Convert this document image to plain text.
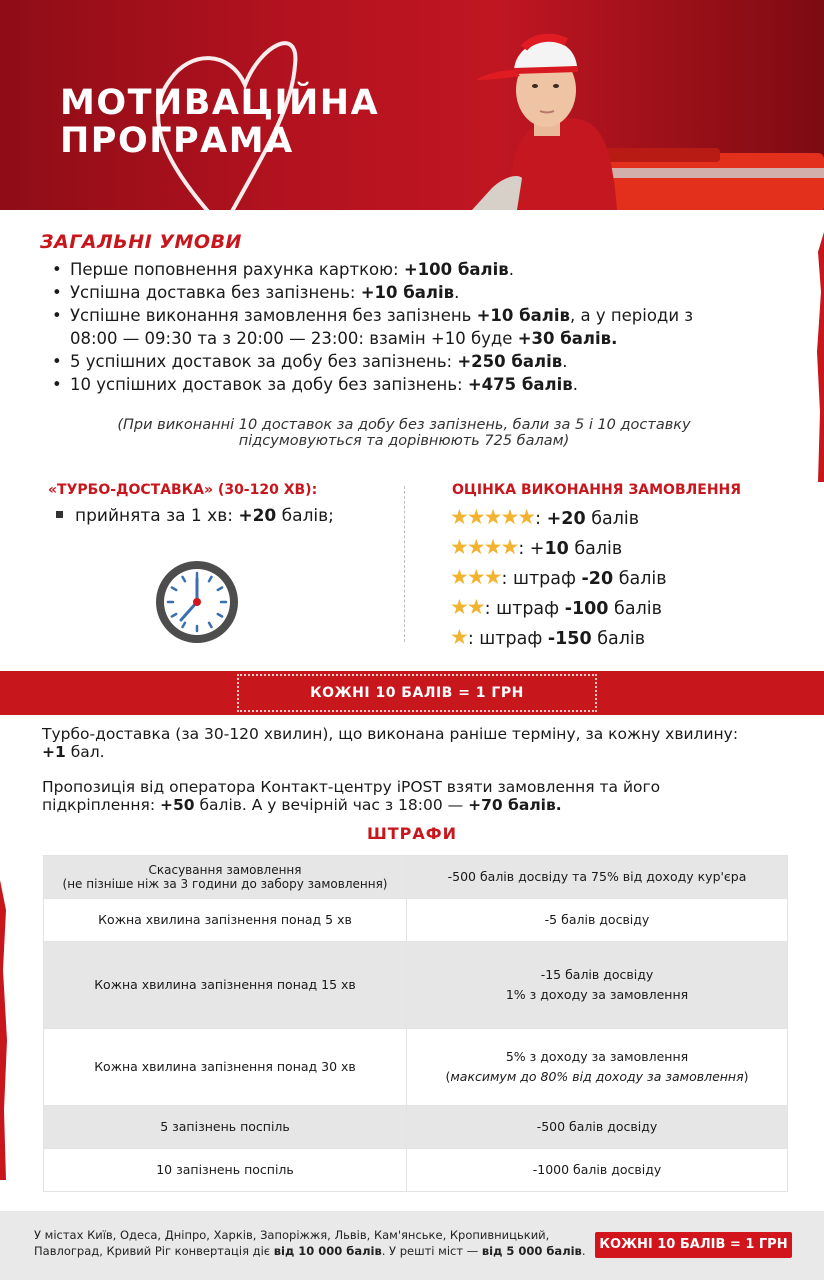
МОТИВАЦІЙНА
ПРОГРАМА
ЗАГАЛЬНІ УМОВИ
• Перше поповнення рахунка карткою: +100 балів.
• Успішна доставка без запізнень: +10 балів.
• Успішне виконання замовлення без запізнень +10 балів, а у періоди з 08:00 — 09:30 та з 20:00 — 23:00: взамін +10 буде +30 балів.
• 5 успішних доставок за добу без запізнень: +250 балів.
• 10 успішних доставок за добу без запізнень: +475 балів.
(При виконанні 10 доставок за добу без запізнень, бали за 5 і 10 доставку підсумовуються та дорівнюють 725 балам)
«ТУРБО-ДОСТАВКА» (30-120 ХВ):
прийнята за 1 хв: +20 балів;
ОЦІНКА ВИКОНАННЯ ЗАМОВЛЕННЯ
★★★★★: +20 балів
★★★★: +10 балів
★★★: штраф -20 балів
★★: штраф -100 балів
★: штраф -150 балів
КОЖНІ 10 БАЛІВ = 1 ГРН
Турбо-доставка (за 30-120 хвилин), що виконана раніше терміну, за кожну хвилину: +1 бал.
Пропозиція від оператора Контакт-центру iPOST взяти замовлення та його підкріплення: +50 балів. А у вечірній час з 18:00 — +70 балів.
ШТРАФИ
Скасування замовлення
(не пізніше ніж за 3 години до забору замовлення)	-500 балів досвіду та 75% від доходу кур'єра
Кожна хвилина запізнення понад 5 хв	-5 балів досвіду
Кожна хвилина запізнення понад 15 хв	-15 балів досвіду
1% з доходу за замовлення

Кожна хвилина запізнення понад 30 хв	5% з доходу за замовлення
(максимум до 80% від доходу за замовлення)

5 запізнень поспіль	-500 балів досвіду
10 запізнень поспіль	-1000 балів досвіду
У містах Київ, Одеса, Дніпро, Харків, Запоріжжя, Львів, Кам'янське, Кропивницький, Павлоград, Кривий Ріг конвертація діє від 10 000 балів. У решті міст — від 5 000 балів.	КОЖНІ 10 БАЛІВ = 1 ГРН
